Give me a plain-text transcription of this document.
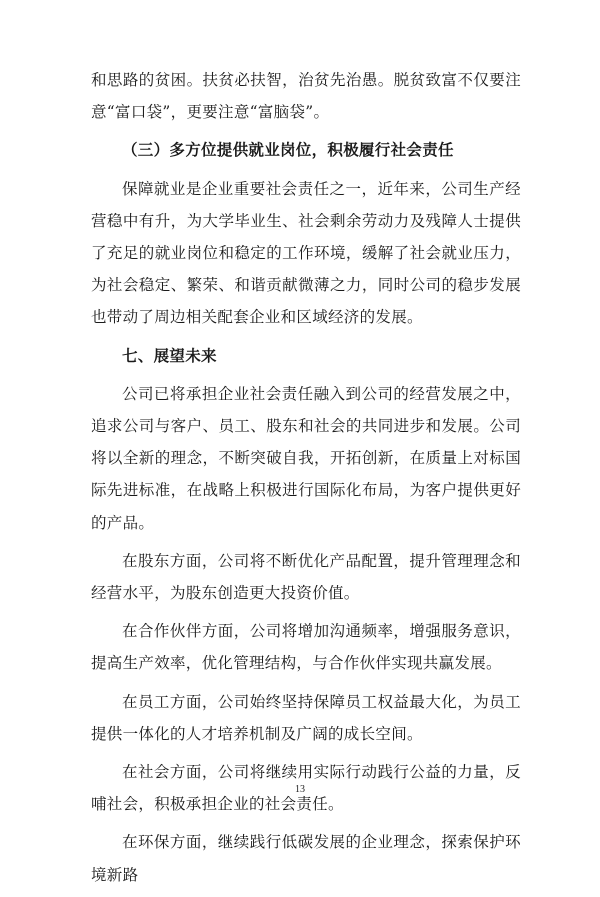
和思路的贫困。扶贫必扶智，治贫先治愚。脱贫致富不仅要注意“富口袋”，更要注意“富脑袋”。

（三）多方位提供就业岗位，积极履行社会责任

保障就业是企业重要社会责任之一，近年来，公司生产经营稳中有升，为大学毕业生、社会剩余劳动力及残障人士提供了充足的就业岗位和稳定的工作环境，缓解了社会就业压力，为社会稳定、繁荣、和谐贡献微薄之力，同时公司的稳步发展也带动了周边相关配套企业和区域经济的发展。

七、展望未来

公司已将承担企业社会责任融入到公司的经营发展之中，追求公司与客户、员工、股东和社会的共同进步和发展。公司将以全新的理念，不断突破自我，开拓创新，在质量上对标国际先进标准，在战略上积极进行国际化布局，为客户提供更好的产品。

在股东方面，公司将不断优化产品配置，提升管理理念和经营水平，为股东创造更大投资价值。

在合作伙伴方面，公司将增加沟通频率，增强服务意识，提高生产效率，优化管理结构，与合作伙伴实现共赢发展。

在员工方面，公司始终坚持保障员工权益最大化，为员工提供一体化的人才培养机制及广阔的成长空间。

在社会方面，公司将继续用实际行动践行公益的力量，反哺社会，积极承担企业的社会责任。

在环保方面，继续践行低碳发展的企业理念，探索保护环境新路

13
